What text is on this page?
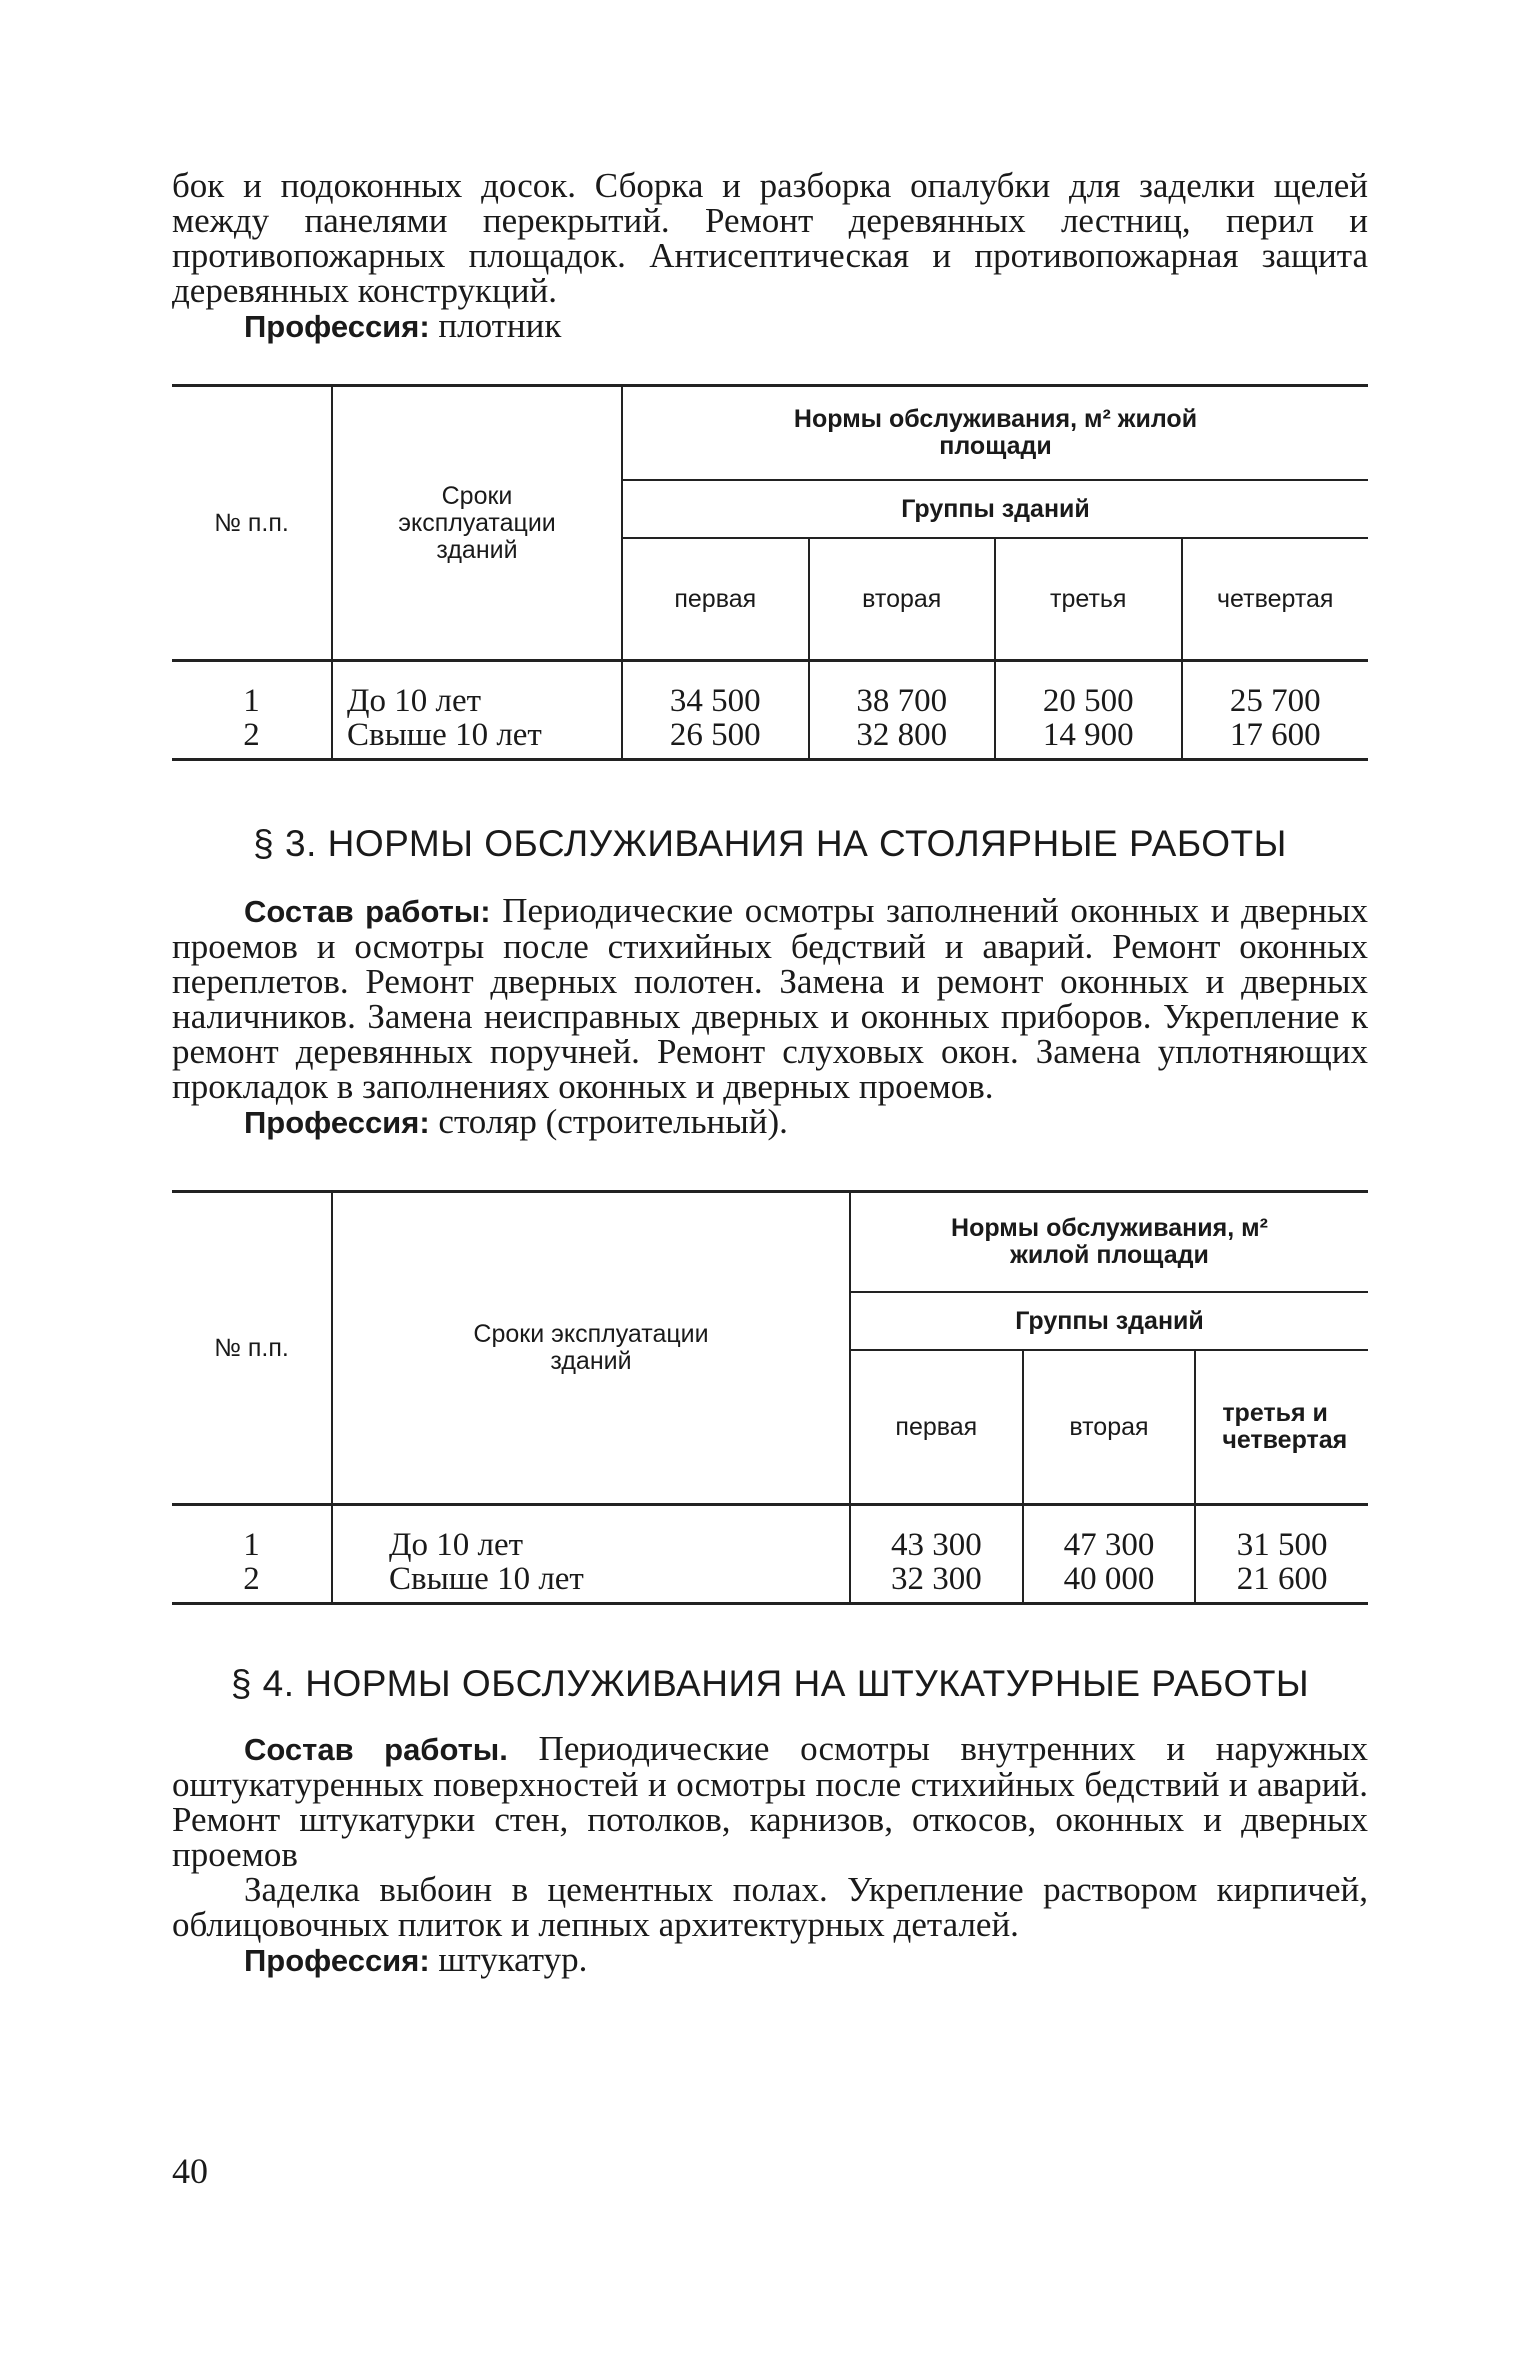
бок и подоконных досок. Сборка и разборка опалубки для заделки щелей между панелями перекрытий. Ремонт деревянных лестниц, перил и противопожарных площадок. Антисептическая и противопожарная защита деревянных конструкций.

Профессия: плотник

№ п.п.	Сроки эксплуатации зданий	Нормы обслуживания, м² жилой площади			
		Группы зданий			
		первая	вторая	третья	четвертая

1	До 10 лет	34 500	38 700	20 500	25 700
2	Свыше 10 лет	26 500	32 800	14 900	17 600
§ 3. НОРМЫ ОБСЛУЖИВАНИЯ НА СТОЛЯРНЫЕ РАБОТЫ

Состав работы: Периодические осмотры заполнений оконных и дверных проемов и осмотры после стихийных бедствий и аварий. Ремонт оконных переплетов. Ремонт дверных полотен. Замена и ремонт оконных и дверных наличников. Замена неисправных дверных и оконных приборов. Укрепление к ремонт деревянных поручней. Ремонт слуховых окон. Замена уплотняющих прокладок в заполнениях оконных и дверных проемов.

Профессия: столяр (строительный).

№ п.п.	Сроки эксплуатации зданий	Нормы обслуживания, м² жилой площади		
		Группы зданий		
		первая	вторая	третья и четвертая

1	До 10 лет	43 300	47 300	31 500
2	Свыше 10 лет	32 300	40 000	21 600
§ 4. НОРМЫ ОБСЛУЖИВАНИЯ НА ШТУКАТУРНЫЕ РАБОТЫ

Состав работы. Периодические осмотры внутренних и наружных оштукатуренных поверхностей и осмотры после стихийных бедствий и аварий. Ремонт штукатурки стен, потолков, карнизов, откосов, оконных и дверных проемов

Заделка выбоин в цементных полах. Укрепление раствором кирпичей, облицовочных плиток и лепных архитектурных деталей.

Профессия: штукатур.

40
